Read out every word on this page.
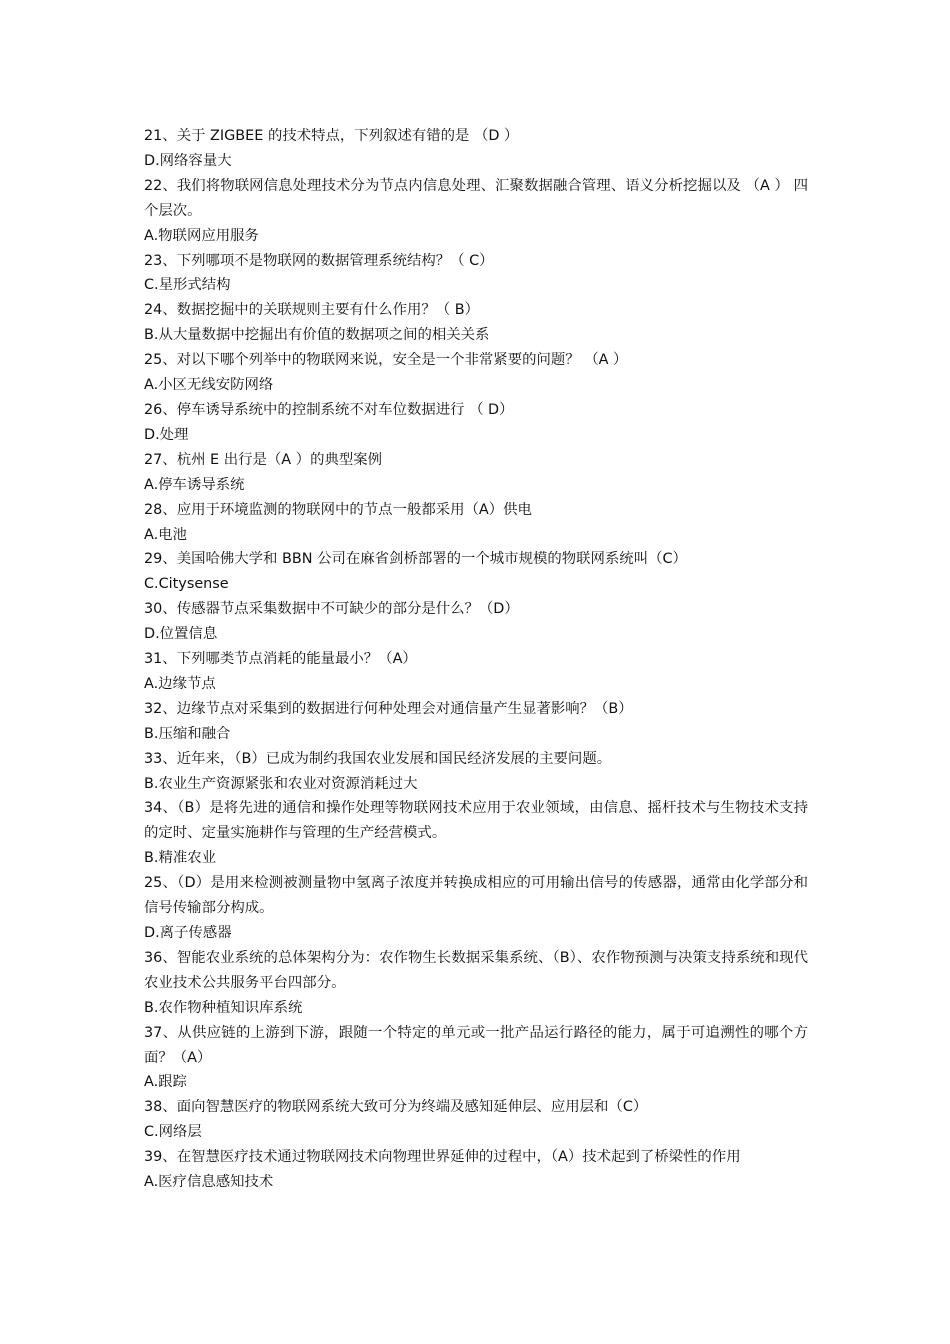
21、关于 ZIGBEE 的技术特点，下列叙述有错的是 （D ）

D.网络容量大

22、我们将物联网信息处理技术分为节点内信息处理、汇聚数据融合管理、语义分析挖掘以及 （A ） 四个层次。

A.物联网应用服务

23、下列哪项不是物联网的数据管理系统结构？（ C）

C.星形式结构

24、数据挖掘中的关联规则主要有什么作用？（ B）

B.从大量数据中挖掘出有价值的数据项之间的相关关系

25、对以下哪个列举中的物联网来说，安全是一个非常紧要的问题？ （A ）

A.小区无线安防网络

26、停车诱导系统中的控制系统不对车位数据进行 （ D）

D.处理

27、杭州 E 出行是（A ）的典型案例

A.停车诱导系统

28、应用于环境监测的物联网中的节点一般都采用（A）供电

A.电池

29、美国哈佛大学和 BBN 公司在麻省剑桥部署的一个城市规模的物联网系统叫（C）

C.Citysense

30、传感器节点采集数据中不可缺少的部分是什么？（D）

D.位置信息

31、下列哪类节点消耗的能量最小？（A）

A.边缘节点

32、边缘节点对采集到的数据进行何种处理会对通信量产生显著影响？（B）

B.压缩和融合

33、近年来，（B）已成为制约我国农业发展和国民经济发展的主要问题。

B.农业生产资源紧张和农业对资源消耗过大

34、（B）是将先进的通信和操作处理等物联网技术应用于农业领域，由信息、摇杆技术与生物技术支持的定时、定量实施耕作与管理的生产经营模式。

B.精准农业

25、（D）是用来检测被测量物中氢离子浓度并转换成相应的可用输出信号的传感器，通常由化学部分和信号传输部分构成。

D.离子传感器

36、智能农业系统的总体架构分为：农作物生长数据采集系统、（B）、农作物预测与决策支持系统和现代农业技术公共服务平台四部分。

B.农作物种植知识库系统

37、从供应链的上游到下游，跟随一个特定的单元或一批产品运行路径的能力，属于可追溯性的哪个方面？（A）

A.跟踪

38、面向智慧医疗的物联网系统大致可分为终端及感知延伸层、应用层和（C）

C.网络层

39、在智慧医疗技术通过物联网技术向物理世界延伸的过程中，（A）技术起到了桥梁性的作用

A.医疗信息感知技术
